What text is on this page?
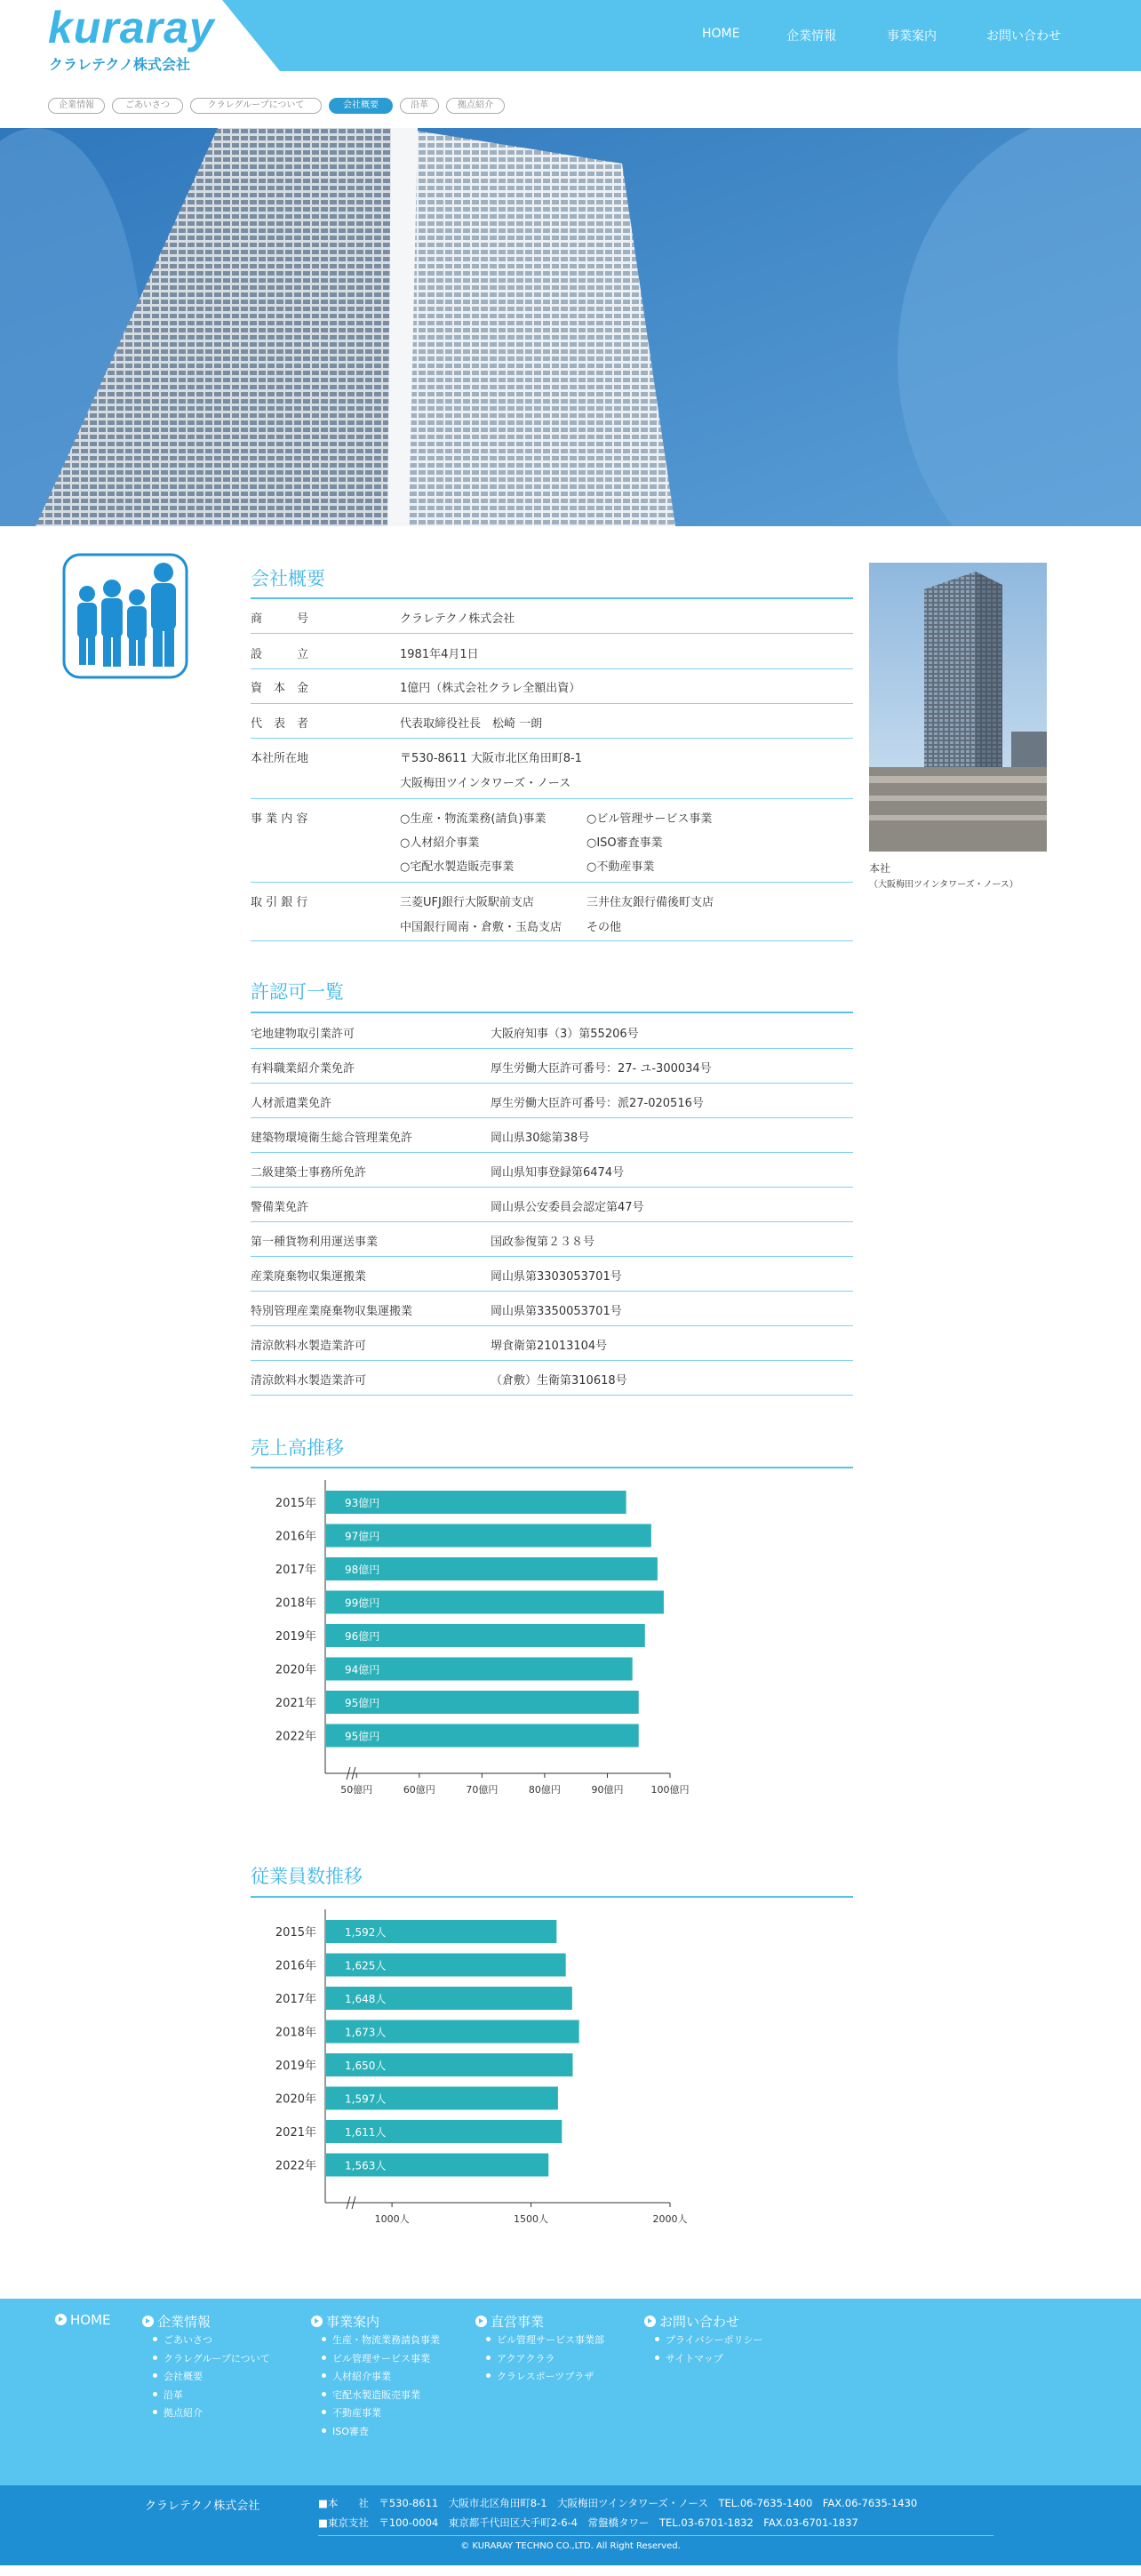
kuraray
クラレテクノ株式会社
HOME	企業情報	事業案内	お問い合わせ
企業情報	ごあいさつ	クラレグループについて	会社概要	沿革	拠点紹介
会社概要
商　　　号	クラレテクノ株式会社
設　　　立	1981年4月1日
資　本　金	1億円（株式会社クラレ全額出資）
代　表　者	代表取締役社長　松崎 一朗
本社所在地	〒530-8611 大阪市北区角田町8-1
大阪梅田ツインタワーズ・ノース
事 業 内 容	○生産・物流業務(請負)事業	○ビル管理サービス事業
○人材紹介事業	○ISO審査事業
○宅配水製造販売事業	○不動産事業
取 引 銀 行	三菱UFJ銀行大阪駅前支店	三井住友銀行備後町支店
中国銀行岡南・倉敷・玉島支店 その他
本社
（大阪梅田ツインタワーズ・ノース）
許認可一覧
宅地建物取引業許可	大阪府知事（3）第55206号
有料職業紹介業免許	厚生労働大臣許可番号：27- ユ-300034号
人材派遣業免許	厚生労働大臣許可番号：派27-020516号
建築物環境衛生総合管理業免許	岡山県30総第38号
二級建築士事務所免許	岡山県知事登録第6474号
警備業免許	岡山県公安委員会認定第47号
第一種貨物利用運送事業	国政参復第２３８号
産業廃棄物収集運搬業	岡山県第3303053701号
特別管理産業廃棄物収集運搬業	岡山県第3350053701号
清涼飲料水製造業許可	堺食衛第21013104号
清涼飲料水製造業許可	（倉敷）生衛第310618号
売上高推移
2015年	93億円
2016年	97億円
2017年	98億円
2018年	99億円
2019年	96億円
2020年	94億円
2021年	95億円
2022年	95億円
50億円	60億円	70億円	80億円	90億円	100億円
従業員数推移
2015年	1,592人
2016年	1,625人
2017年	1,648人
2018年	1,673人
2019年	1,650人
2020年	1,597人
2021年	1,611人
2022年	1,563人
1000人	1500人	2000人
HOME	企業情報
ごあいさつ
クラレグループについて
会社概要
沿革
拠点紹介
事業案内
生産・物流業務請負事業
ビル管理サービス事業
人材紹介事業
宅配水製造販売事業
不動産事業
ISO審査
直営事業
ビル管理サービス事業部
アクアクララ
クラレスポーツプラザ
お問い合わせ
プライバシーポリシー
サイトマップ
クラレテクノ株式会社	■本　　社　〒530-8611　大阪市北区角田町8-1　大阪梅田ツインタワーズ・ノース　TEL.06-7635-1400　FAX.06-7635-1430
■東京支社　〒100-0004　東京都千代田区大手町2-6-4　常盤橋タワー　TEL.03-6701-1832　FAX.03-6701-1837
© KURARAY TECHNO CO.,LTD. All Right Reserved.
